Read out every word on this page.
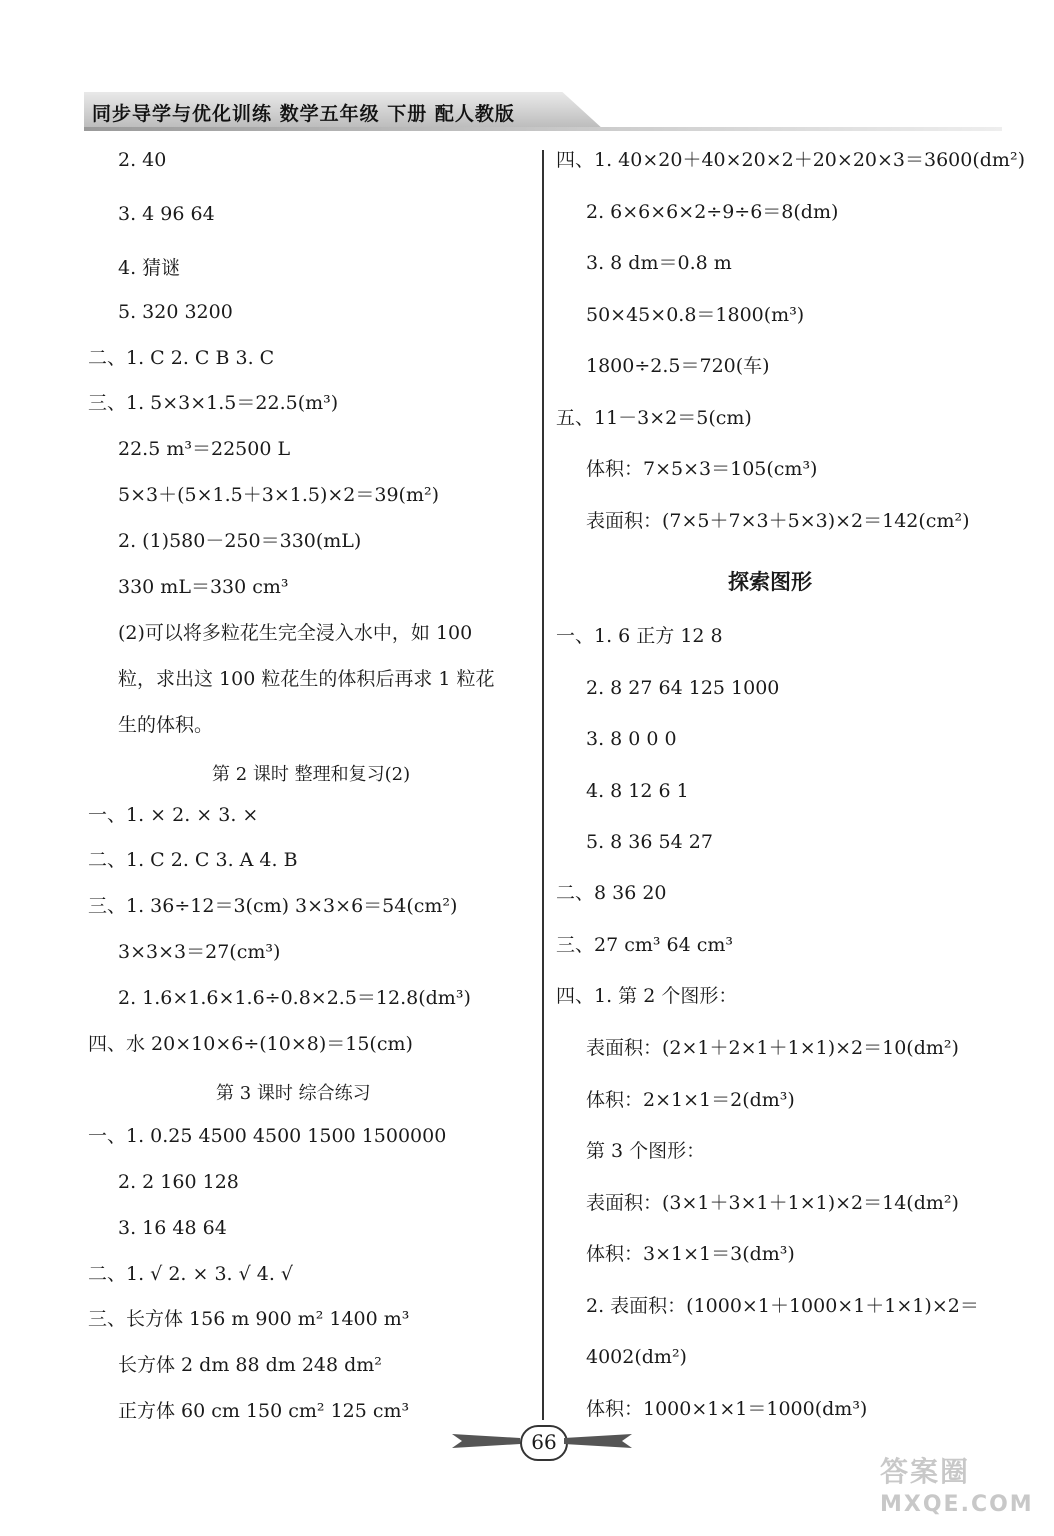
同步导学与优化训练 数学五年级 下册 配人教版
2. 40
3. 4 96 64
4. 猜谜
5. 320 3200
二、1. C 2. C B 3. C
三、1. 5×3×1.5＝22.5(m³)
22.5 m³＝22500 L
5×3＋(5×1.5＋3×1.5)×2＝39(m²)
2. (1)580－250＝330(mL)
330 mL＝330 cm³
(2)可以将多粒花生完全浸入水中，如 100
粒，求出这 100 粒花生的体积后再求 1 粒花
生的体积。
第 2 课时 整理和复习(2)
一、1. × 2. × 3. ×
二、1. C 2. C 3. A 4. B
三、1. 36÷12＝3(cm) 3×3×6＝54(cm²)
3×3×3＝27(cm³)
2. 1.6×1.6×1.6÷0.8×2.5＝12.8(dm³)
四、水 20×10×6÷(10×8)＝15(cm)
第 3 课时 综合练习
一、1. 0.25 4500 4500 1500 1500000
2. 2 160 128
3. 16 48 64
二、1. √ 2. × 3. √ 4. √
三、长方体 156 m 900 m² 1400 m³
长方体 2 dm 88 dm 248 dm²
正方体 60 cm 150 cm² 125 cm³
四、1. 40×20＋40×20×2＋20×20×3＝3600(dm²)
2. 6×6×6×2÷9÷6＝8(dm)
3. 8 dm＝0.8 m
50×45×0.8＝1800(m³)
1800÷2.5＝720(车)
五、11－3×2＝5(cm)
体积：7×5×3＝105(cm³)
表面积：(7×5＋7×3＋5×3)×2＝142(cm²)
探索图形
一、1. 6 正方 12 8
2. 8 27 64 125 1000
3. 8 0 0 0
4. 8 12 6 1
5. 8 36 54 27
二、8 36 20
三、27 cm³ 64 cm³
四、1. 第 2 个图形：
表面积：(2×1＋2×1＋1×1)×2＝10(dm²)
体积：2×1×1＝2(dm³)
第 3 个图形：
表面积：(3×1＋3×1＋1×1)×2＝14(dm²)
体积：3×1×1＝3(dm³)
2. 表面积：(1000×1＋1000×1＋1×1)×2＝
4002(dm²)
体积：1000×1×1＝1000(dm³)
66
答案圈
MXQE.COM
